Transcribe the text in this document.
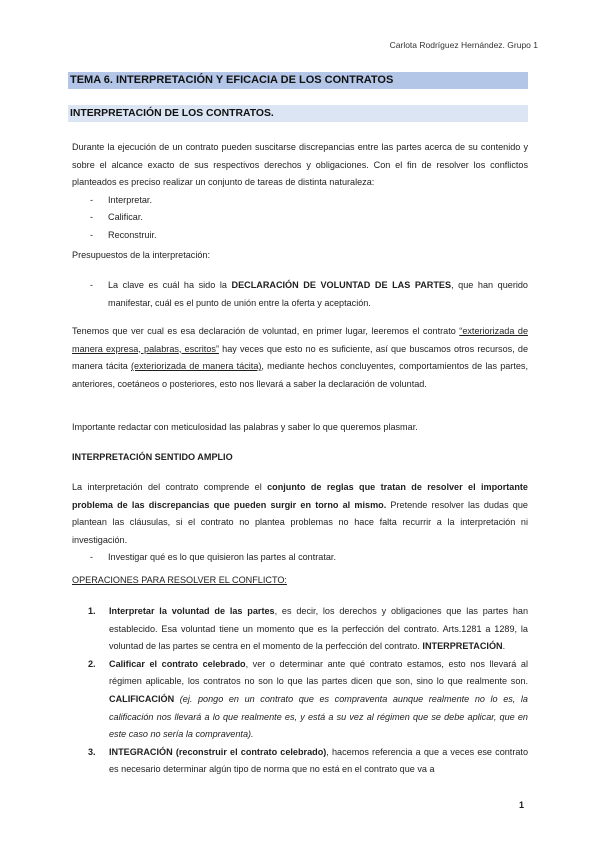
Carlota Rodríguez Hernández. Grupo 1
TEMA 6. INTERPRETACIÓN Y EFICACIA DE LOS CONTRATOS
INTERPRETACIÓN DE LOS CONTRATOS.
Durante la ejecución de un contrato pueden suscitarse discrepancias entre las partes acerca de su contenido y sobre el alcance exacto de sus respectivos derechos y obligaciones. Con el fin de resolver los conflictos planteados es preciso realizar un conjunto de tareas de distinta naturaleza:
- Interpretar.
- Calificar.
- Reconstruir.
Presupuestos de la interpretación:
- La clave es cuál ha sido la DECLARACIÓN DE VOLUNTAD DE LAS PARTES, que han querido manifestar, cuál es el punto de unión entre la oferta y aceptación.
Tenemos que ver cual es esa declaración de voluntad, en primer lugar, leeremos el contrato “exteriorizada de manera expresa, palabras, escritos” hay veces que esto no es suficiente, así que buscamos otros recursos, de manera tácita (exteriorizada de manera tácita), mediante hechos concluyentes, comportamientos de las partes, anteriores, coetáneos o posteriores, esto nos llevará a saber la declaración de voluntad.
Importante redactar con meticulosidad las palabras y saber lo que queremos plasmar.
INTERPRETACIÓN SENTIDO AMPLIO
La interpretación del contrato comprende el conjunto de reglas que tratan de resolver el importante problema de las discrepancias que pueden surgir en torno al mismo. Pretende resolver las dudas que plantean las cláusulas, si el contrato no plantea problemas no hace falta recurrir a la interpretación ni investigación.
- Investigar qué es lo que quisieron las partes al contratar.
OPERACIONES PARA RESOLVER EL CONFLICTO:
1. Interpretar la voluntad de las partes, es decir, los derechos y obligaciones que las partes han establecido. Esa voluntad tiene un momento que es la perfección del contrato. Arts.1281 a 1289, la voluntad de las partes se centra en el momento de la perfección del contrato. INTERPRETACIÓN.
2. Calificar el contrato celebrado, ver o determinar ante qué contrato estamos, esto nos llevará al régimen aplicable, los contratos no son lo que las partes dicen que son, sino lo que realmente son. CALIFICACIÓN (ej. pongo en un contrato que es compraventa aunque realmente no lo es, la calificación nos llevará a lo que realmente es, y está a su vez al régimen que se debe aplicar, que en este caso no sería la compraventa).
3. INTEGRACIÓN (reconstruir el contrato celebrado), hacemos referencia a que a veces ese contrato es necesario determinar algún tipo de norma que no está en el contrato que va a
1
